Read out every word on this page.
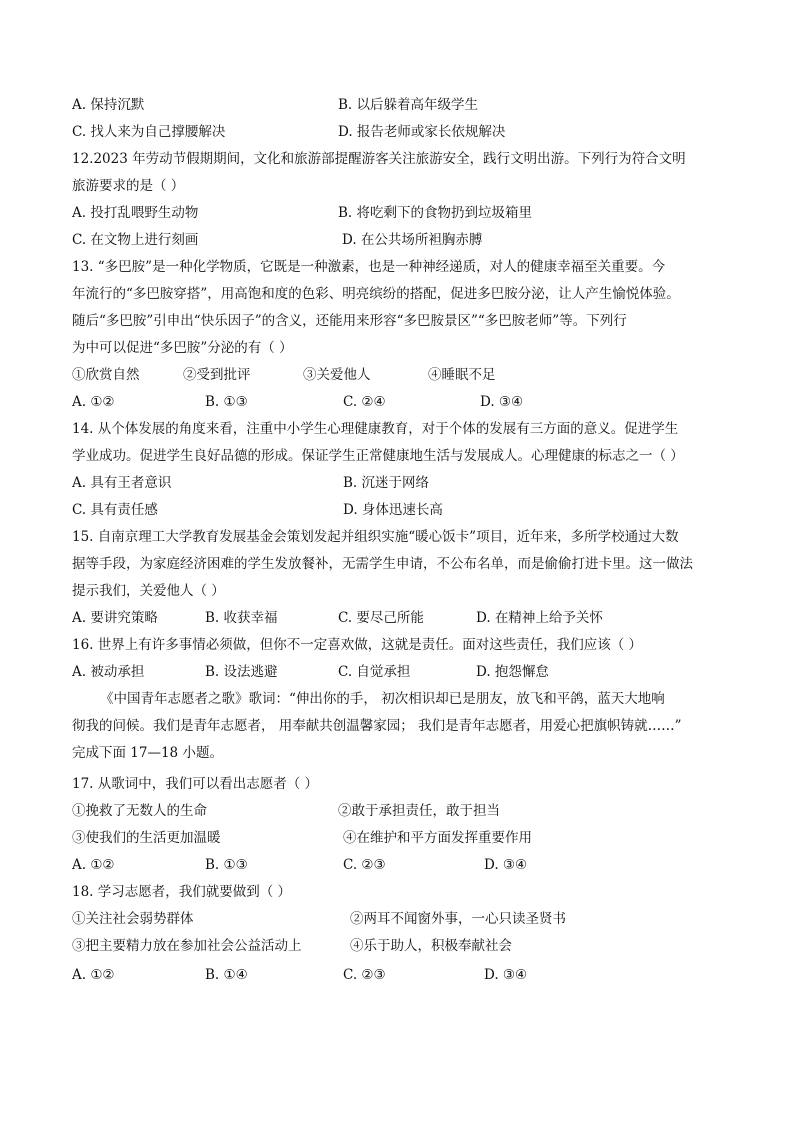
A. 保持沉默	B. 以后躲着高年级学生
C. 找人来为自己撑腰解决	D. 报告老师或家长依规解决
12.2023 年劳动节假期期间，文化和旅游部提醒游客关注旅游安全，践行文明出游。下列行为符合文明
旅游要求的是（ ）
A. 投打乱喂野生动物	B. 将吃剩下的食物扔到垃圾箱里
C. 在文物上进行刻画	D. 在公共场所袒胸赤膊
13. “多巴胺”是一种化学物质，它既是一种激素，也是一种神经递质，对人的健康幸福至关重要。今
年流行的“多巴胺穿搭”，用高饱和度的色彩、明亮缤纷的搭配，促进多巴胺分泌，让人产生愉悦体验。
随后“多巴胺”引申出“快乐因子”的含义，还能用来形容“多巴胺景区”“多巴胺老师”等。下列行
为中可以促进“多巴胺”分泌的有（ ）
①欣赏自然	②受到批评	③关爱他人	④睡眠不足
A. ①②	B. ①③	C. ②④	D. ③④
14. 从个体发展的角度来看，注重中小学生心理健康教育，对于个体的发展有三方面的意义。促进学生
学业成功。促进学生良好品德的形成。保证学生正常健康地生活与发展成人。心理健康的标志之一（ ）
A. 具有王者意识	B. 沉迷于网络
C. 具有责任感	D. 身体迅速长高
15. 自南京理工大学教育发展基金会策划发起并组织实施“暖心饭卡”项目，近年来，多所学校通过大数
据等手段，为家庭经济困难的学生发放餐补，无需学生申请，不公布名单，而是偷偷打进卡里。这一做法
提示我们，关爱他人（ ）
A. 要讲究策略	B. 收获幸福	C. 要尽己所能	D. 在精神上给予关怀
16. 世界上有许多事情必须做，但你不一定喜欢做，这就是责任。面对这些责任，我们应该（ ）
A. 被动承担	B. 设法逃避	C. 自觉承担	D. 抱怨懈怠
《中国青年志愿者之歌》歌词：“伸出你的手， 初次相识却已是朋友，放飞和平鸽，蓝天大地响
彻我的问候。我们是青年志愿者， 用奉献共创温馨家园； 我们是青年志愿者，用爱心把旗帜铸就……”
完成下面 17—18 小题。
17. 从歌词中，我们可以看出志愿者（ ）
①挽救了无数人的生命	②敢于承担责任，敢于担当
③使我们的生活更加温暖	④在维护和平方面发挥重要作用
A. ①②	B. ①③	C. ②③	D. ③④
18. 学习志愿者，我们就要做到（ ）
①关注社会弱势群体	②两耳不闻窗外事，一心只读圣贤书
③把主要精力放在参加社会公益活动上	④乐于助人，积极奉献社会
A. ①②	B. ①④	C. ②③	D. ③④
